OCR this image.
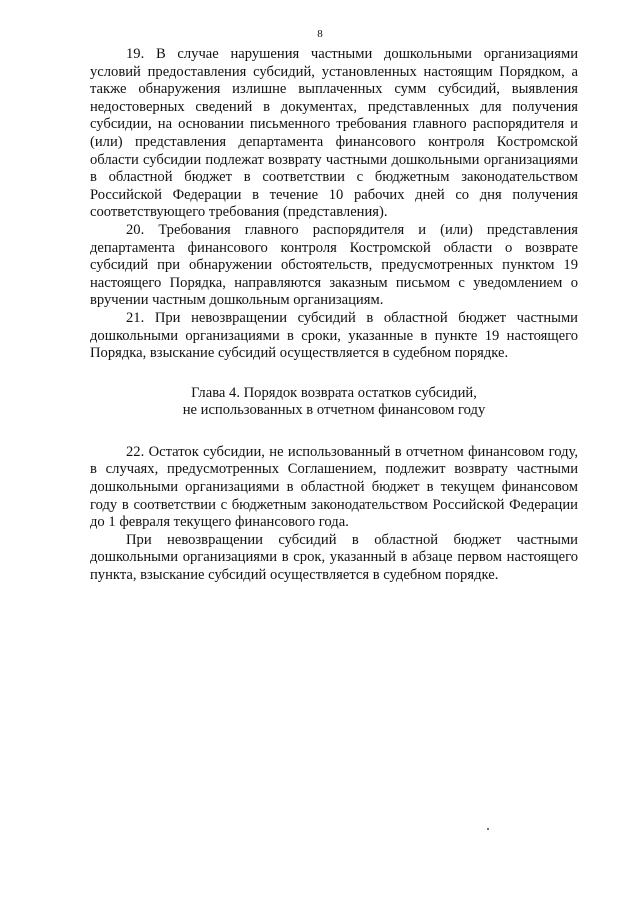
8

19. В случае нарушения частными дошкольными организациями условий предоставления субсидий, установленных настоящим Порядком, а также обнаружения излишне выплаченных сумм субсидий, выявления недостоверных сведений в документах, представленных для получения субсидии, на основании письменного требования главного распорядителя и (или) представления департамента финансового контроля Костромской области субсидии подлежат возврату частными дошкольными организациями в областной бюджет в соответствии с бюджетным законодательством Российской Федерации в течение 10 рабочих дней со дня получения соответствующего требования (представления).

20. Требования главного распорядителя и (или) представления департамента финансового контроля Костромской области о возврате субсидий при обнаружении обстоятельств, предусмотренных пунктом 19 настоящего Порядка, направляются заказным письмом с уведомлением о вручении частным дошкольным организациям.

21. При невозвращении субсидий в областной бюджет частными дошкольными организациями в сроки, указанные в пункте 19 настоящего Порядка, взыскание субсидий осуществляется в судебном порядке.

Глава 4. Порядок возврата остатков субсидий,
не использованных в отчетном финансовом году

22. Остаток субсидии, не использованный в отчетном финансовом году, в случаях, предусмотренных Соглашением, подлежит возврату частными дошкольными организациями в областной бюджет в текущем финансовом году в соответствии с бюджетным законодательством Российской Федерации до 1 февраля текущего финансового года.

При невозвращении субсидий в областной бюджет частными дошкольными организациями в срок, указанный в абзаце первом настоящего пункта, взыскание субсидий осуществляется в судебном порядке.
